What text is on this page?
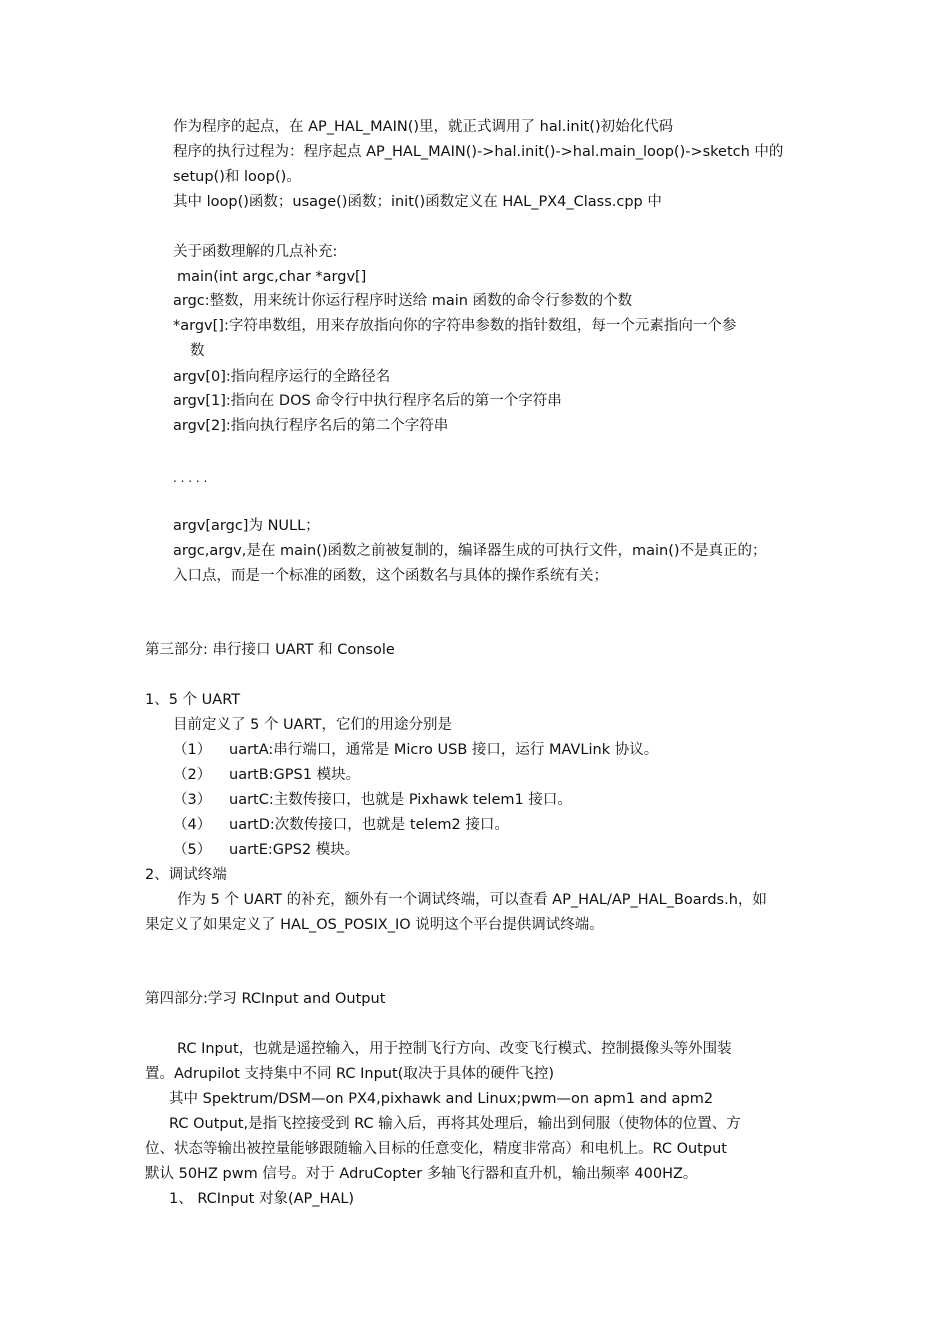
作为程序的起点，在 AP_HAL_MAIN()里，就正式调用了 hal.init()初始化代码
程序的执行过程为：程序起点 AP_HAL_MAIN()->hal.init()->hal.main_loop()->sketch 中的
setup()和 loop()。
其中 loop()函数；usage()函数；init()函数定义在 HAL_PX4_Class.cpp 中
关于函数理解的几点补充:
main(int argc,char *argv[]
argc:整数，用来统计你运行程序时送给 main 函数的命令行参数的个数
*argv[]:字符串数组，用来存放指向你的字符串参数的指针数组，每一个元素指向一个参
数
argv[0]:指向程序运行的全路径名
argv[1]:指向在 DOS 命令行中执行程序名后的第一个字符串
argv[2]:指向执行程序名后的第二个字符串
. . . . .
argv[argc]为 NULL；
argc,argv,是在 main()函数之前被复制的，编译器生成的可执行文件，main()不是真正的；
入口点，而是一个标准的函数，这个函数名与具体的操作系统有关；
第三部分: 串行接口 UART 和 Console
1、5 个 UART
目前定义了 5 个 UART，它们的用途分别是
（1） uartA:串行端口，通常是 Micro USB 接口，运行 MAVLink 协议。
（2） uartB:GPS1 模块。
（3） uartC:主数传接口，也就是 Pixhawk telem1 接口。
（4） uartD:次数传接口，也就是 telem2 接口。
（5） uartE:GPS2 模块。
2、调试终端
作为 5 个 UART 的补充，额外有一个调试终端，可以查看 AP_HAL/AP_HAL_Boards.h，如
果定义了如果定义了 HAL_OS_POSIX_IO 说明这个平台提供调试终端。
第四部分:学习 RCInput and Output
RC Input，也就是遥控输入，用于控制飞行方向、改变飞行模式、控制摄像头等外围装
置。Adrupilot 支持集中不同 RC Input(取决于具体的硬件飞控)
其中 Spektrum/DSM—on PX4,pixhawk and Linux;pwm—on apm1 and apm2
RC Output,是指飞控接受到 RC 输入后，再将其处理后，输出到伺服（使物体的位置、方
位、状态等输出被控量能够跟随输入目标的任意变化，精度非常高）和电机上。RC Output
默认 50HZ pwm 信号。对于 AdruCopter 多轴飞行器和直升机，输出频率 400HZ。
1、 RCInput 对象(AP_HAL)
